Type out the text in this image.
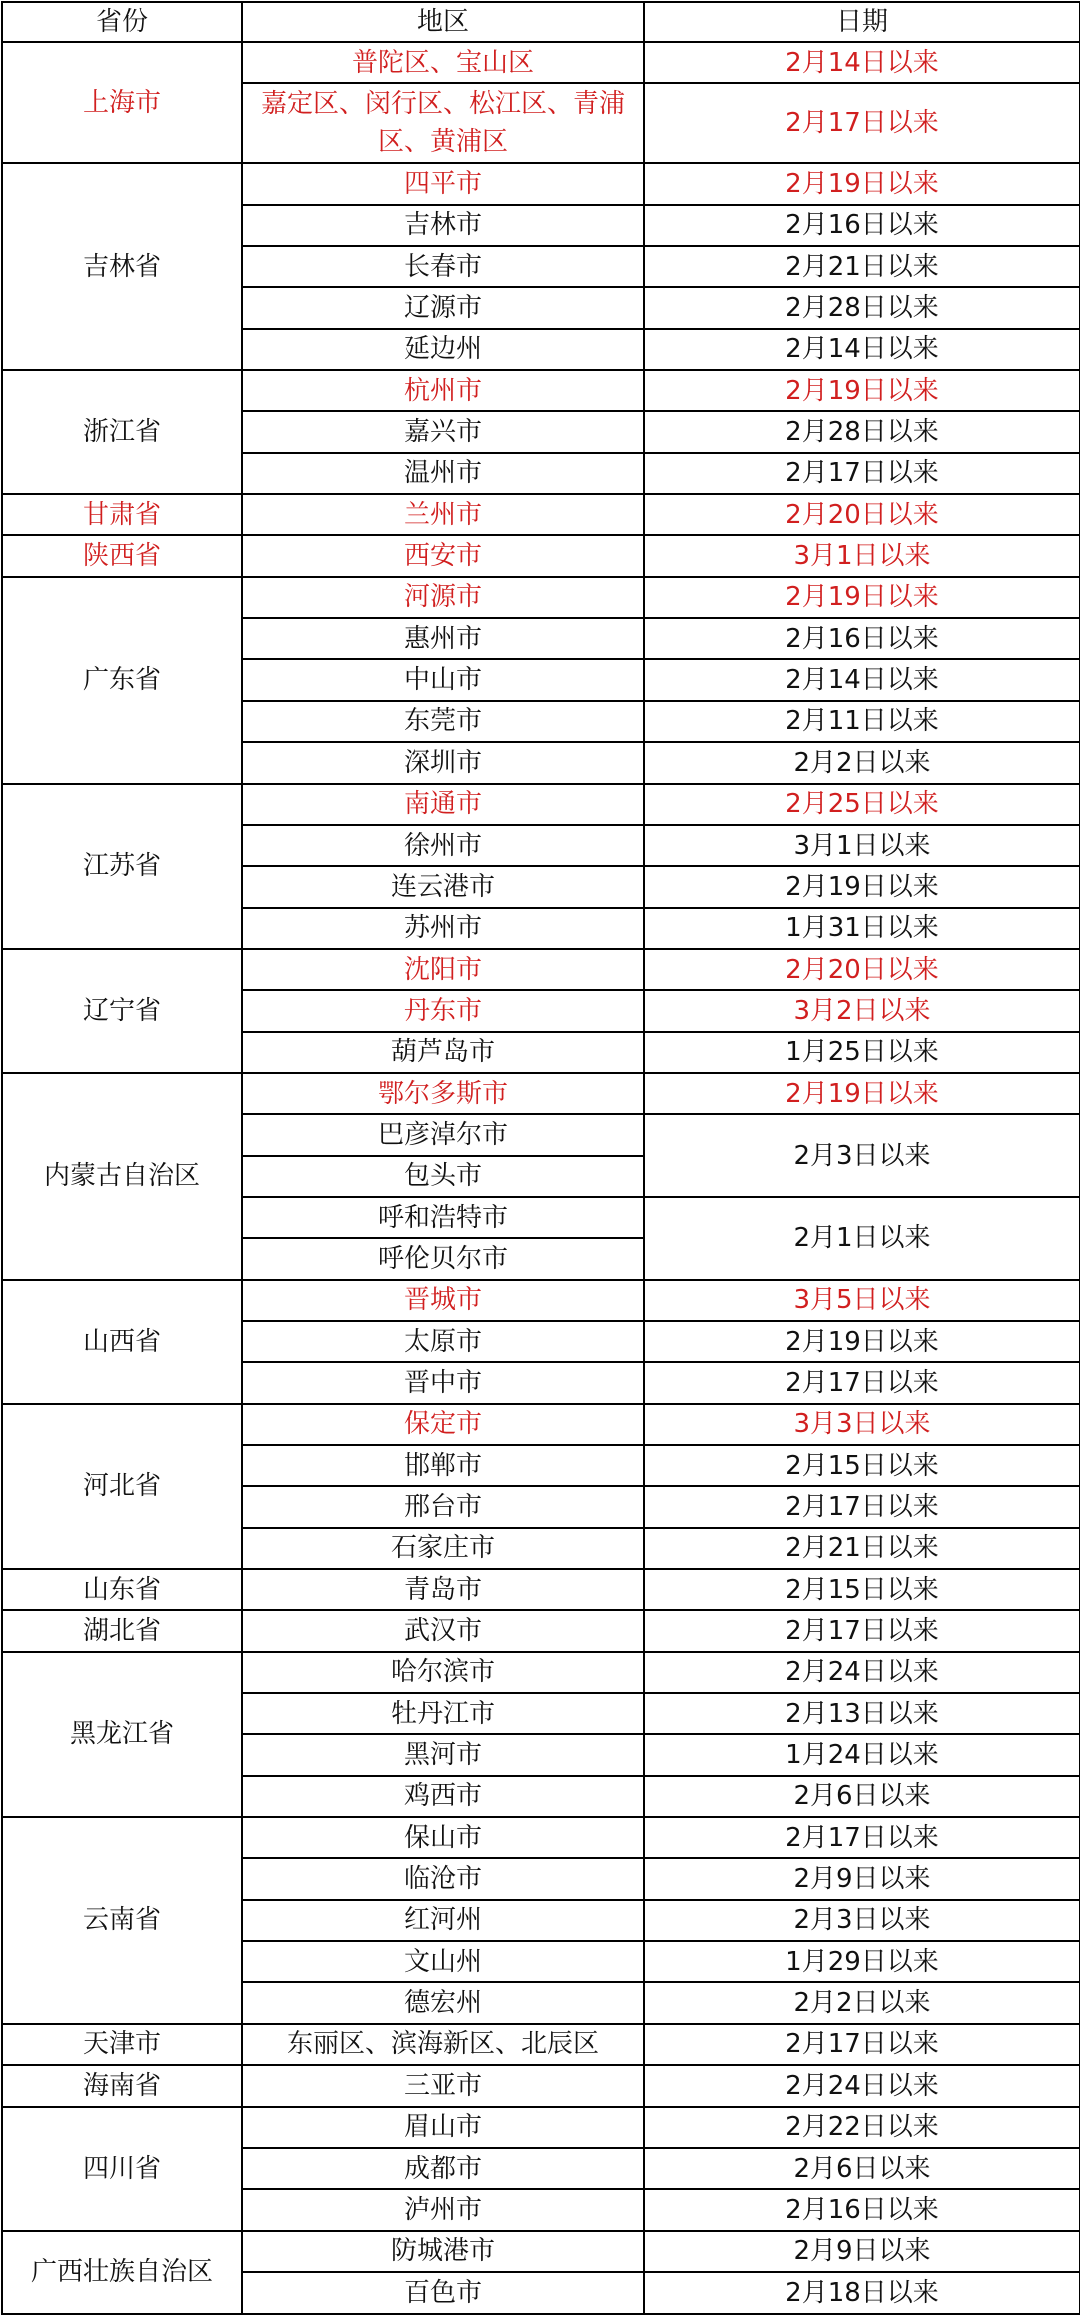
省份	地区	日期
上海市	普陀区、宝山区	2月14日以来
	嘉定区、闵行区、松江区、青浦区、黄浦区	2月17日以来
吉林省	四平市	2月19日以来
	吉林市	2月16日以来
	长春市	2月21日以来
	辽源市	2月28日以来
	延边州	2月14日以来
浙江省	杭州市	2月19日以来
	嘉兴市	2月28日以来
	温州市	2月17日以来
甘肃省	兰州市	2月20日以来
陕西省	西安市	3月1日以来
广东省	河源市	2月19日以来
	惠州市	2月16日以来
	中山市	2月14日以来
	东莞市	2月11日以来
	深圳市	2月2日以来
江苏省	南通市	2月25日以来
	徐州市	3月1日以来
	连云港市	2月19日以来
	苏州市	1月31日以来
辽宁省	沈阳市	2月20日以来
	丹东市	3月2日以来
	葫芦岛市	1月25日以来
内蒙古自治区	鄂尔多斯市	2月19日以来
	巴彦淖尔市	2月3日以来
	包头市	
	呼和浩特市	2月1日以来
	呼伦贝尔市	
山西省	晋城市	3月5日以来
	太原市	2月19日以来
	晋中市	2月17日以来
河北省	保定市	3月3日以来
	邯郸市	2月15日以来
	邢台市	2月17日以来
	石家庄市	2月21日以来
山东省	青岛市	2月15日以来
湖北省	武汉市	2月17日以来
黑龙江省	哈尔滨市	2月24日以来
	牡丹江市	2月13日以来
	黑河市	1月24日以来
	鸡西市	2月6日以来
云南省	保山市	2月17日以来
	临沧市	2月9日以来
	红河州	2月3日以来
	文山州	1月29日以来
	德宏州	2月2日以来
天津市	东丽区、滨海新区、北辰区	2月17日以来
海南省	三亚市	2月24日以来
四川省	眉山市	2月22日以来
	成都市	2月6日以来
	泸州市	2月16日以来
广西壮族自治区	防城港市	2月9日以来
	百色市	2月18日以来
